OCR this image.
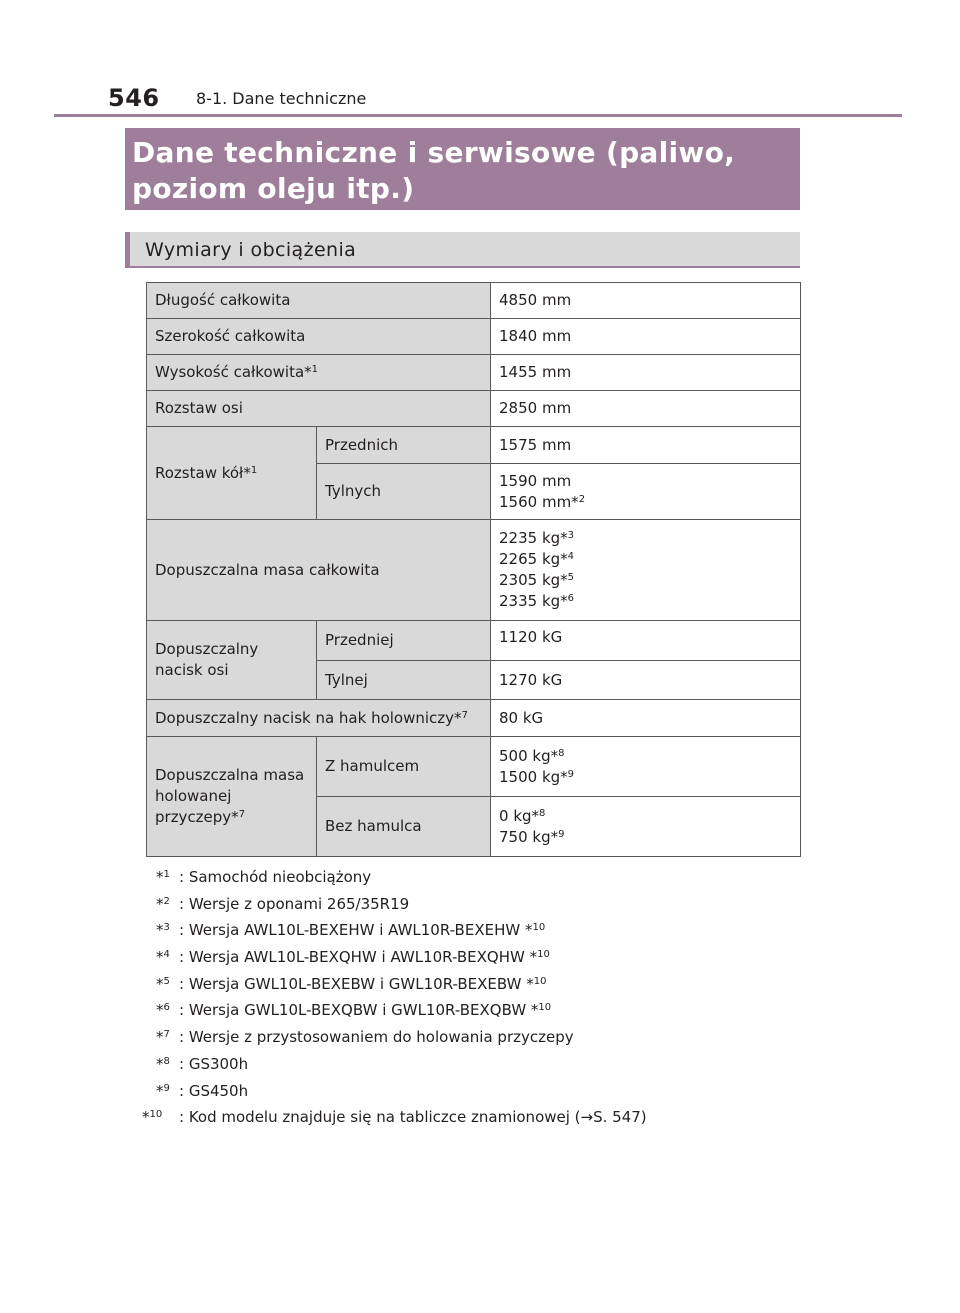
546 8-1. Dane techniczne
Dane techniczne i serwisowe (paliwo, poziom oleju itp.)
Wymiary i obciążenia
Długość całkowita		4850 mm
Szerokość całkowita		1840 mm
Wysokość całkowita*$^1$		1455 mm
Rozstaw osi		2850 mm
Rozstaw kół*$^1$	Przednich	1575 mm
	Tylnych	1590 mm
1560 mm*$^2$
Dopuszczalna masa całkowita		2235 kg*$^3$
2265 kg*$^4$
2305 kg*$^5$
2335 kg*$^6$
Dopuszczalny nacisk osi	Przedniej	1120 kG
	Tylnej	1270 kG
Dopuszczalny nacisk na hak holowniczy*$^7$		80 kG
Dopuszczalna masa holowanej przyczepy*$^7$	Z hamulcem	500 kg*$^8$
1500 kg*$^9$
	Bez hamulca	0 kg*$^8$
750 kg*$^9$
*$^1$ : Samochód nieobciążony
*$^2$ : Wersje z oponami 265/35R19
*$^3$ : Wersja AWL10L-BEXEHW i AWL10R-BEXEHW *$^{10}$
*$^4$ : Wersja AWL10L-BEXQHW i AWL10R-BEXQHW *$^{10}$
*$^5$ : Wersja GWL10L-BEXEBW i GWL10R-BEXEBW *$^{10}$
*$^6$ : Wersja GWL10L-BEXQBW i GWL10R-BEXQBW *$^{10}$
*$^7$ : Wersje z przystosowaniem do holowania przyczepy
*$^8$ : GS300h
*$^9$ : GS450h
*$^{10}$ : Kod modelu znajduje się na tabliczce znamionowej (→S. 547)
